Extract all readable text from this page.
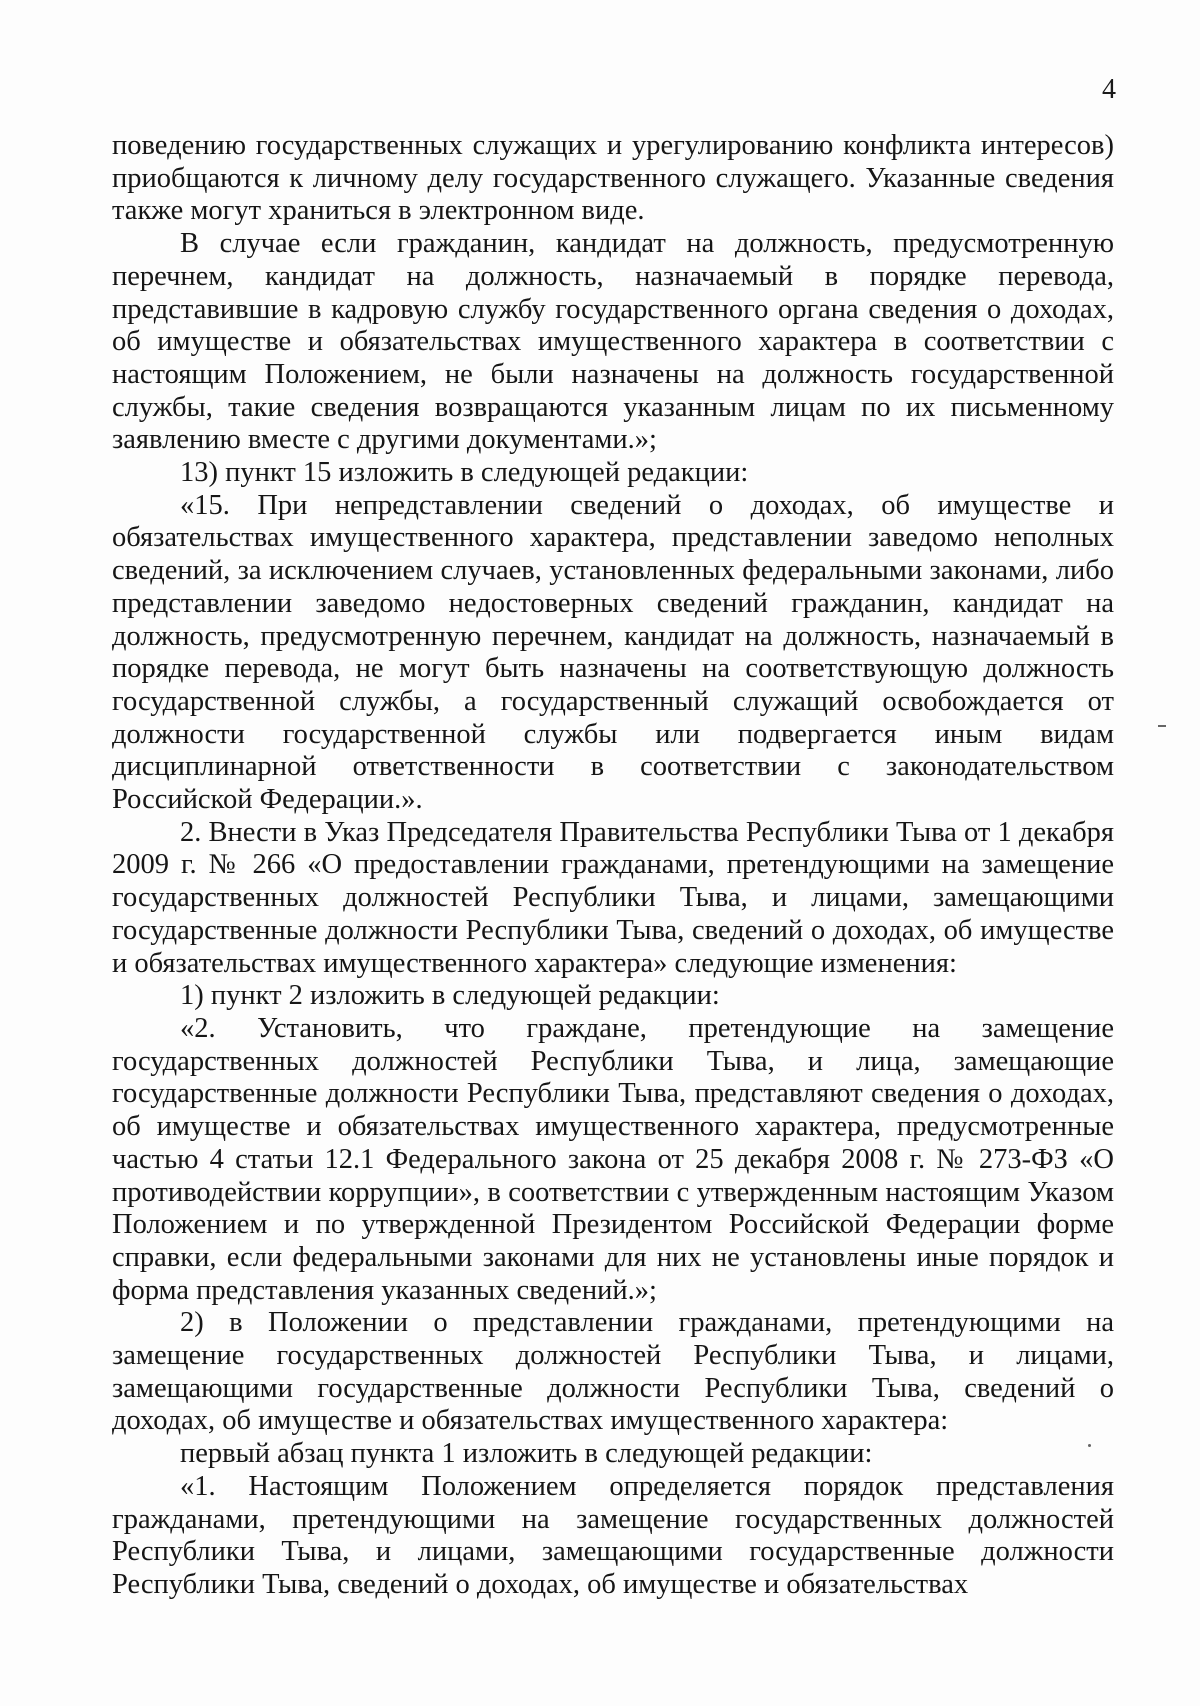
4

поведению государственных служащих и урегулированию конфликта интересов) приобщаются к личному делу государственного служащего. Указанные сведения также могут храниться в электронном виде.

В случае если гражданин, кандидат на должность, предусмотренную перечнем, кандидат на должность, назначаемый в порядке перевода, представившие в кадровую службу государственного органа сведения о доходах, об имуществе и обязательствах имущественного характера в соответствии с настоящим Положением, не были назначены на должность государственной службы, такие сведения возвращаются указанным лицам по их письменному заявлению вместе с другими документами.»;

13) пункт 15 изложить в следующей редакции:

«15. При непредставлении сведений о доходах, об имуществе и обязательствах имущественного характера, представлении заведомо неполных сведений, за исключением случаев, установленных федеральными законами, либо представлении заведомо недостоверных сведений гражданин, кандидат на должность, предусмотренную перечнем, кандидат на должность, назначаемый в порядке перевода, не могут быть назначены на соответствующую должность государственной службы, а государственный служащий освобождается от должности государственной службы или подвергается иным видам дисциплинарной ответственности в соответствии с законодательством Российской Федерации.».

2. Внести в Указ Председателя Правительства Республики Тыва от 1 декабря 2009 г. № 266 «О предоставлении гражданами, претендующими на замещение государственных должностей Республики Тыва, и лицами, замещающими государственные должности Республики Тыва, сведений о доходах, об имуществе и обязательствах имущественного характера» следующие изменения:

1) пункт 2 изложить в следующей редакции:

«2. Установить, что граждане, претендующие на замещение государственных должностей Республики Тыва, и лица, замещающие государственные должности Республики Тыва, представляют сведения о доходах, об имуществе и обязательствах имущественного характера, предусмотренные частью 4 статьи 12.1 Федерального закона от 25 декабря 2008 г. № 273-ФЗ «О противодействии коррупции», в соответствии с утвержденным настоящим Указом Положением и по утвержденной Президентом Российской Федерации форме справки, если федеральными законами для них не установлены иные порядок и форма представления указанных сведений.»;

2) в Положении о представлении гражданами, претендующими на замещение государственных должностей Республики Тыва, и лицами, замещающими государственные должности Республики Тыва, сведений о доходах, об имуществе и обязательствах имущественного характера:

первый абзац пункта 1 изложить в следующей редакции:

«1. Настоящим Положением определяется порядок представления гражданами, претендующими на замещение государственных должностей Республики Тыва, и лицами, замещающими государственные должности Республики Тыва, сведений о доходах, об имуществе и обязательствах
